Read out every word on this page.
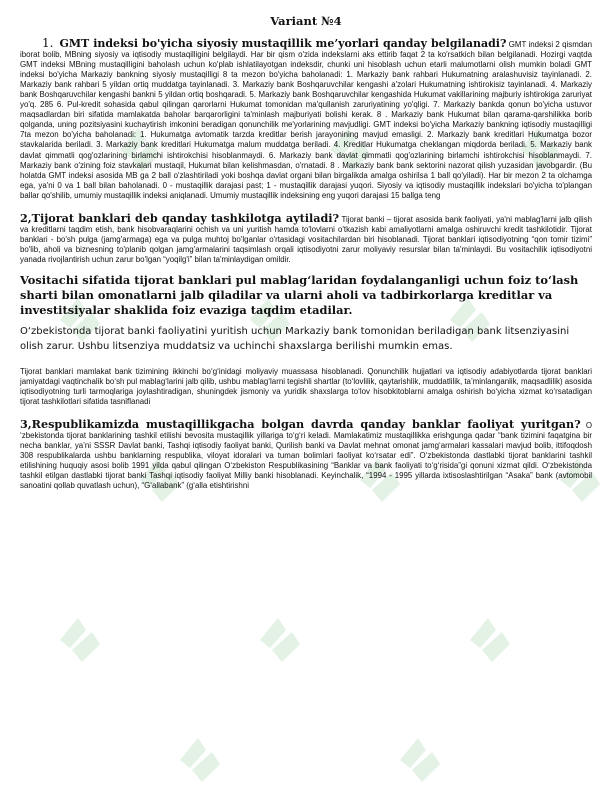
Variant №4

1. GMT indeksi bo'yicha siyosiy mustaqillik me’yorlari qanday belgilanadi? GMT indeksi 2 qismdan iborat bolib, MBning siyosiy va iqtisodiy mustaqilligini belgilaydi. Har bir qism o'zida indekslarni aks ettirib faqat 2 ta ko'rsatkich bilan belgilanadi. Hozirgi vaqtda GMT indeksi MBning mustaqilligini baholash uchun ko'plab ishlatilayotgan indeksdir, chunki uni hisoblash uchun etarli malumotlarni olish mumkin boladi GMT indeksi bo'yicha Markaziy bankning siyosiy mustaqilligi 8 ta mezon bo'yicha baholanadi: 1. Markaziy bank rahbari Hukumatning aralashuvisiz tayinlanadi. 2. Markaziy bank rahbari 5 yildan ortiq muddatga tayinlanadi. 3. Markaziy bank Boshqaruvchilar kengashi a'zolari Hukumatning ishtirokisiz tayinlanadi. 4. Markaziy bank Boshqaruvchilar kengashi bankni 5 yildan ortiq boshqaradi. 5. Markaziy bank Boshqaruvchilar kengashida Hukumat vakillarining majburiy ishtirokiga zaruriyat yo'q. 285 6. Pul-kredit sohasida qabul qilingan qarorlarni Hukumat tomonidan ma'qullanish zaruriyatining yo'qligi. 7. Markaziy bankda qonun bo'yicha ustuvor maqsadlardan biri sifatida mamlakatda baholar barqarorligini ta'minlash majburiyati bolishi kerak. 8 . Markaziy bank Hukumat bilan qarama-qarshilikka borib qolganda, uning pozitsiyasini kuchaytirish imkonini beradigan qonunchilik me'yorlarining mavjudligi. GMT indeksi bo'yicha Markaziy bankning iqtisodiy mustaqilligi 7ta mezon bo'yicha baholanadi: 1. Hukumatga avtomatik tarzda kreditlar berish jarayonining mavjud emasligi. 2. Markaziy bank kreditlari Hukumatga bozor stavkalarida beriladi. 3. Markaziy bank kreditlari Hukumatga malum muddatga beriladi. 4. Kreditlar Hukumatga cheklangan miqdorda beriladi. 5. Markaziy bank davlat qimmatli qog'ozlarining birlamchi ishtirokchisi hisoblanmaydi. 6. Markaziy bank davlat qimmatli qog'ozlarining birlamchi ishtirokchisi hisoblanmaydi. 7. Markaziy bank o'zining foiz stavkalari mustaqil, Hukumat bilan kelishmasdan, o'rnatadi. 8 . Markaziy bank bank sektorini nazorat qilish yuzasidan javobgardir. (Bu holatda GMT indeksi asosida MB ga 2 ball o'zlashtiriladi yoki boshqa davlat organi bilan birgalikda amalga oshirilsa 1 ball qo'yiladi). Har bir mezon 2 ta olchamga ega, ya'ni 0 va 1 ball bilan baholanadi. 0 - mustaqillik darajasi past; 1 - mustaqillik darajasi yuqori. Siyosiy va iqtisodiy mustaqillik indekslari bo'yicha to'plangan ballar qo'shilib, umumiy mustaqillik indeksi aniqlanadi. Umumiy mustaqillik indeksining eng yuqori darajasi 15 ballga teng

2,Tijorat banklari deb qanday tashkilotga aytiladi? Tijorat banki – tijorat asosida bank faoliyati, ya'ni mablag'larni jalb qilish va kreditlarni taqdim etish, bank hisobvaraqlarini ochish va uni yuritish hamda to'lovlarni o'tkazish kabi amaliyotlarni amalga oshiruvchi kredit tashkilotidir. Tijorat banklari - bo'sh pulga (jamg'armaga) ega va pulga muhtoj bo'lganlar o'rtasidagi vositachilardan biri hisoblanadi. Tijorat banklari iqtisodiyotning “qon tomir tizimi” bo'lib, aholi va biznesning to'planib qolgan jamg'armalarini taqsimlash orqali iqtisodiyotni zarur moliyaviy resurslar bilan ta'minlaydi. Bu vositachilik iqtisodiyotni yanada rivojlantirish uchun zarur bo'lgan “yoqilg'i” bilan ta'minlaydigan omildir.

Vositachi sifatida tijorat banklari pul mablag‘laridan foydalanganligi uchun foiz to‘lash sharti bilan omonatlarni jalb qiladilar va ularni aholi va tadbirkorlarga kreditlar va investitsiyalar shaklida foiz evaziga taqdim etadilar.
O‘zbekistonda tijorat banki faoliyatini yuritish uchun Markaziy bank tomonidan beriladigan bank litsenziyasini olish zarur. Ushbu litsenziya muddatsiz va uchinchi shaxslarga berilishi mumkin emas.

Tijorat banklari mamlakat bank tizimining ikkinchi bo‘g‘inidagi moliyaviy muassasa hisoblanadi. Qonunchilik hujjatlari va iqtisodiy adabiyotlarda tijorat banklari jamiyatdagi vaqtinchalik bo‘sh pul mablag‘larini jalb qilib, ushbu mablag‘larni tegishli shartlar (to‘lovlilik, qaytarishlik, muddatlilik, ta’minlanganlik, maqsadlilik) asosida iqtisodiyotning turli tarmoqlariga joylashtiradigan, shuningdek jismoniy va yuridik shaxslarga to‘lov hisobkitoblarni amalga oshirish bo‘yicha xizmat ko‘rsatadigan tijorat tashkilotlari sifatida tasniflanadi

3,Respublikamizda mustaqillikgacha bolgan davrda qanday banklar faoliyat yuritgan? O ‘zbekistonda tijorat banklarining tashkil etilishi bevosita mustaqillik yillariga to‘g‘ri keladi. Mamlakatimiz mustaqillikka erishgunga qadar “bank tizimini faqatgina bir necha banklar, ya’ni SSSR Davlat banki, Tashqi iqtisodiy faoliyat banki, Qurilish banki va Davlat mehnat omonat jamg‘armalari kassalari mavjud bolib, ittifoqdosh 308 respublikalarda ushbu banklarning respublika, viloyat idoralari va tuman bolimlari faoliyat ko‘rsatar edi”. O‘zbekistonda dastlabki tijorat banklarini tashkil etilishining huquqiy asosi bolib 1991 yilda qabul qilingan O‘zbekiston Respublikasining “Banklar va bank faoliyati to‘g‘risida”gi qonuni xizmat qildi. O‘zbekistonda tashkil etilgan dastlabki tijorat banki Tashqi iqtisodiy faoliyat Milliy banki hisoblanadi. Keyinchalik, “1994 - 1995 yillarda ixtisoslashtirilgan “Asaka” bank (avtomobil sanoatini qollab quvatlash uchun), “G‘allabank” (g‘alla etishtirishni
